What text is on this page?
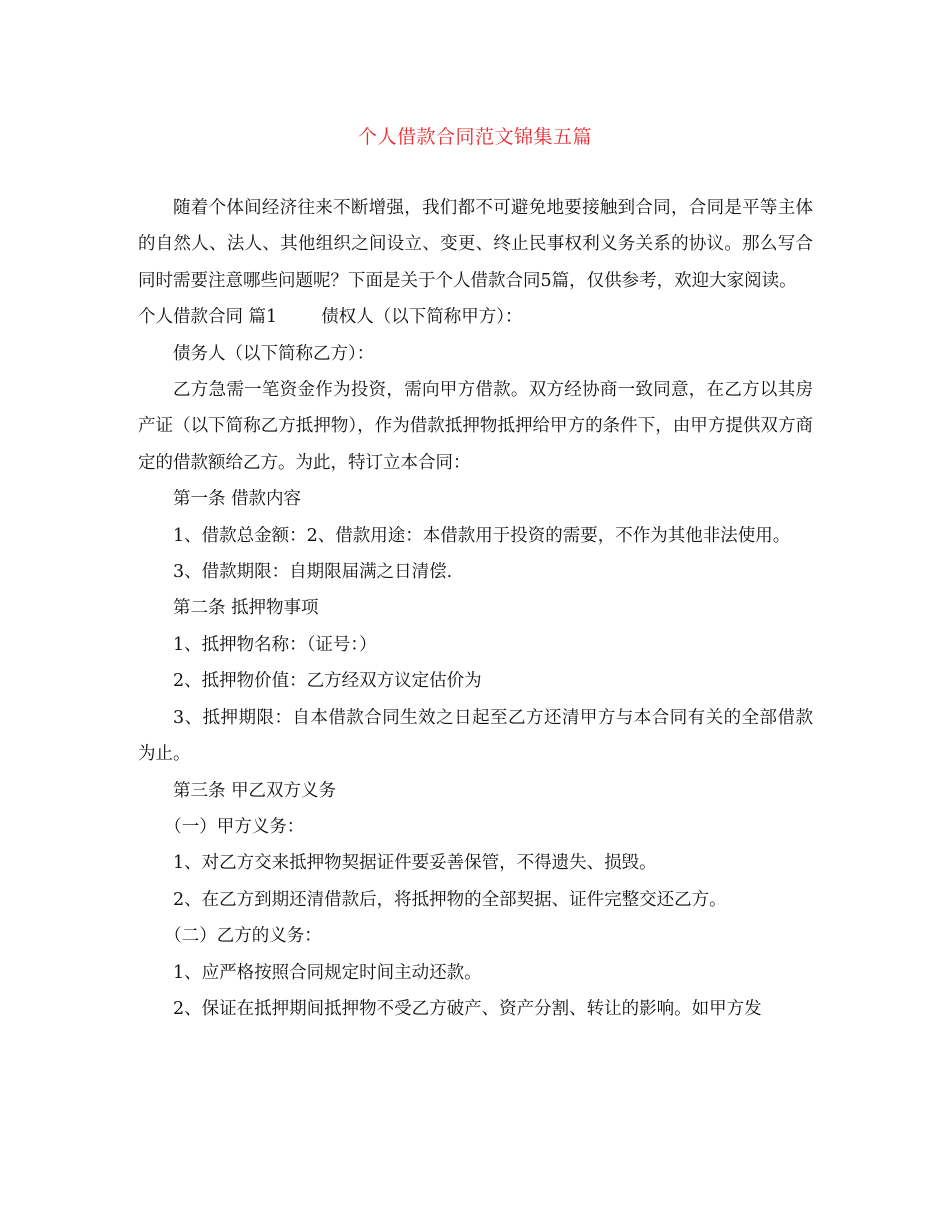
个人借款合同范文锦集五篇

随着个体间经济往来不断增强，我们都不可避免地要接触到合同，合同是平等主体的自然人、法人、其他组织之间设立、变更、终止民事权利义务关系的协议。那么写合同时需要注意哪些问题呢？下面是关于个人借款合同5篇，仅供参考，欢迎大家阅读。

个人借款合同 篇1	债权人（以下简称甲方）：

债务人（以下简称乙方）：

乙方急需一笔资金作为投资，需向甲方借款。双方经协商一致同意，在乙方以其房产证（以下简称乙方抵押物），作为借款抵押物抵押给甲方的条件下，由甲方提供双方商定的借款额给乙方。为此，特订立本合同：

第一条 借款内容

1、借款总金额：2、借款用途：本借款用于投资的需要，不作为其他非法使用。

3、借款期限：自期限届满之日清偿.

第二条 抵押物事项

1、抵押物名称：（证号：）

2、抵押物价值：乙方经双方议定估价为

3、抵押期限：自本借款合同生效之日起至乙方还清甲方与本合同有关的全部借款为止。

第三条 甲乙双方义务

（一）甲方义务：

1、对乙方交来抵押物契据证件要妥善保管，不得遗失、损毁。

2、在乙方到期还清借款后，将抵押物的全部契据、证件完整交还乙方。

（二）乙方的义务：

1、应严格按照合同规定时间主动还款。

2、保证在抵押期间抵押物不受乙方破产、资产分割、转让的影响。如甲方发
